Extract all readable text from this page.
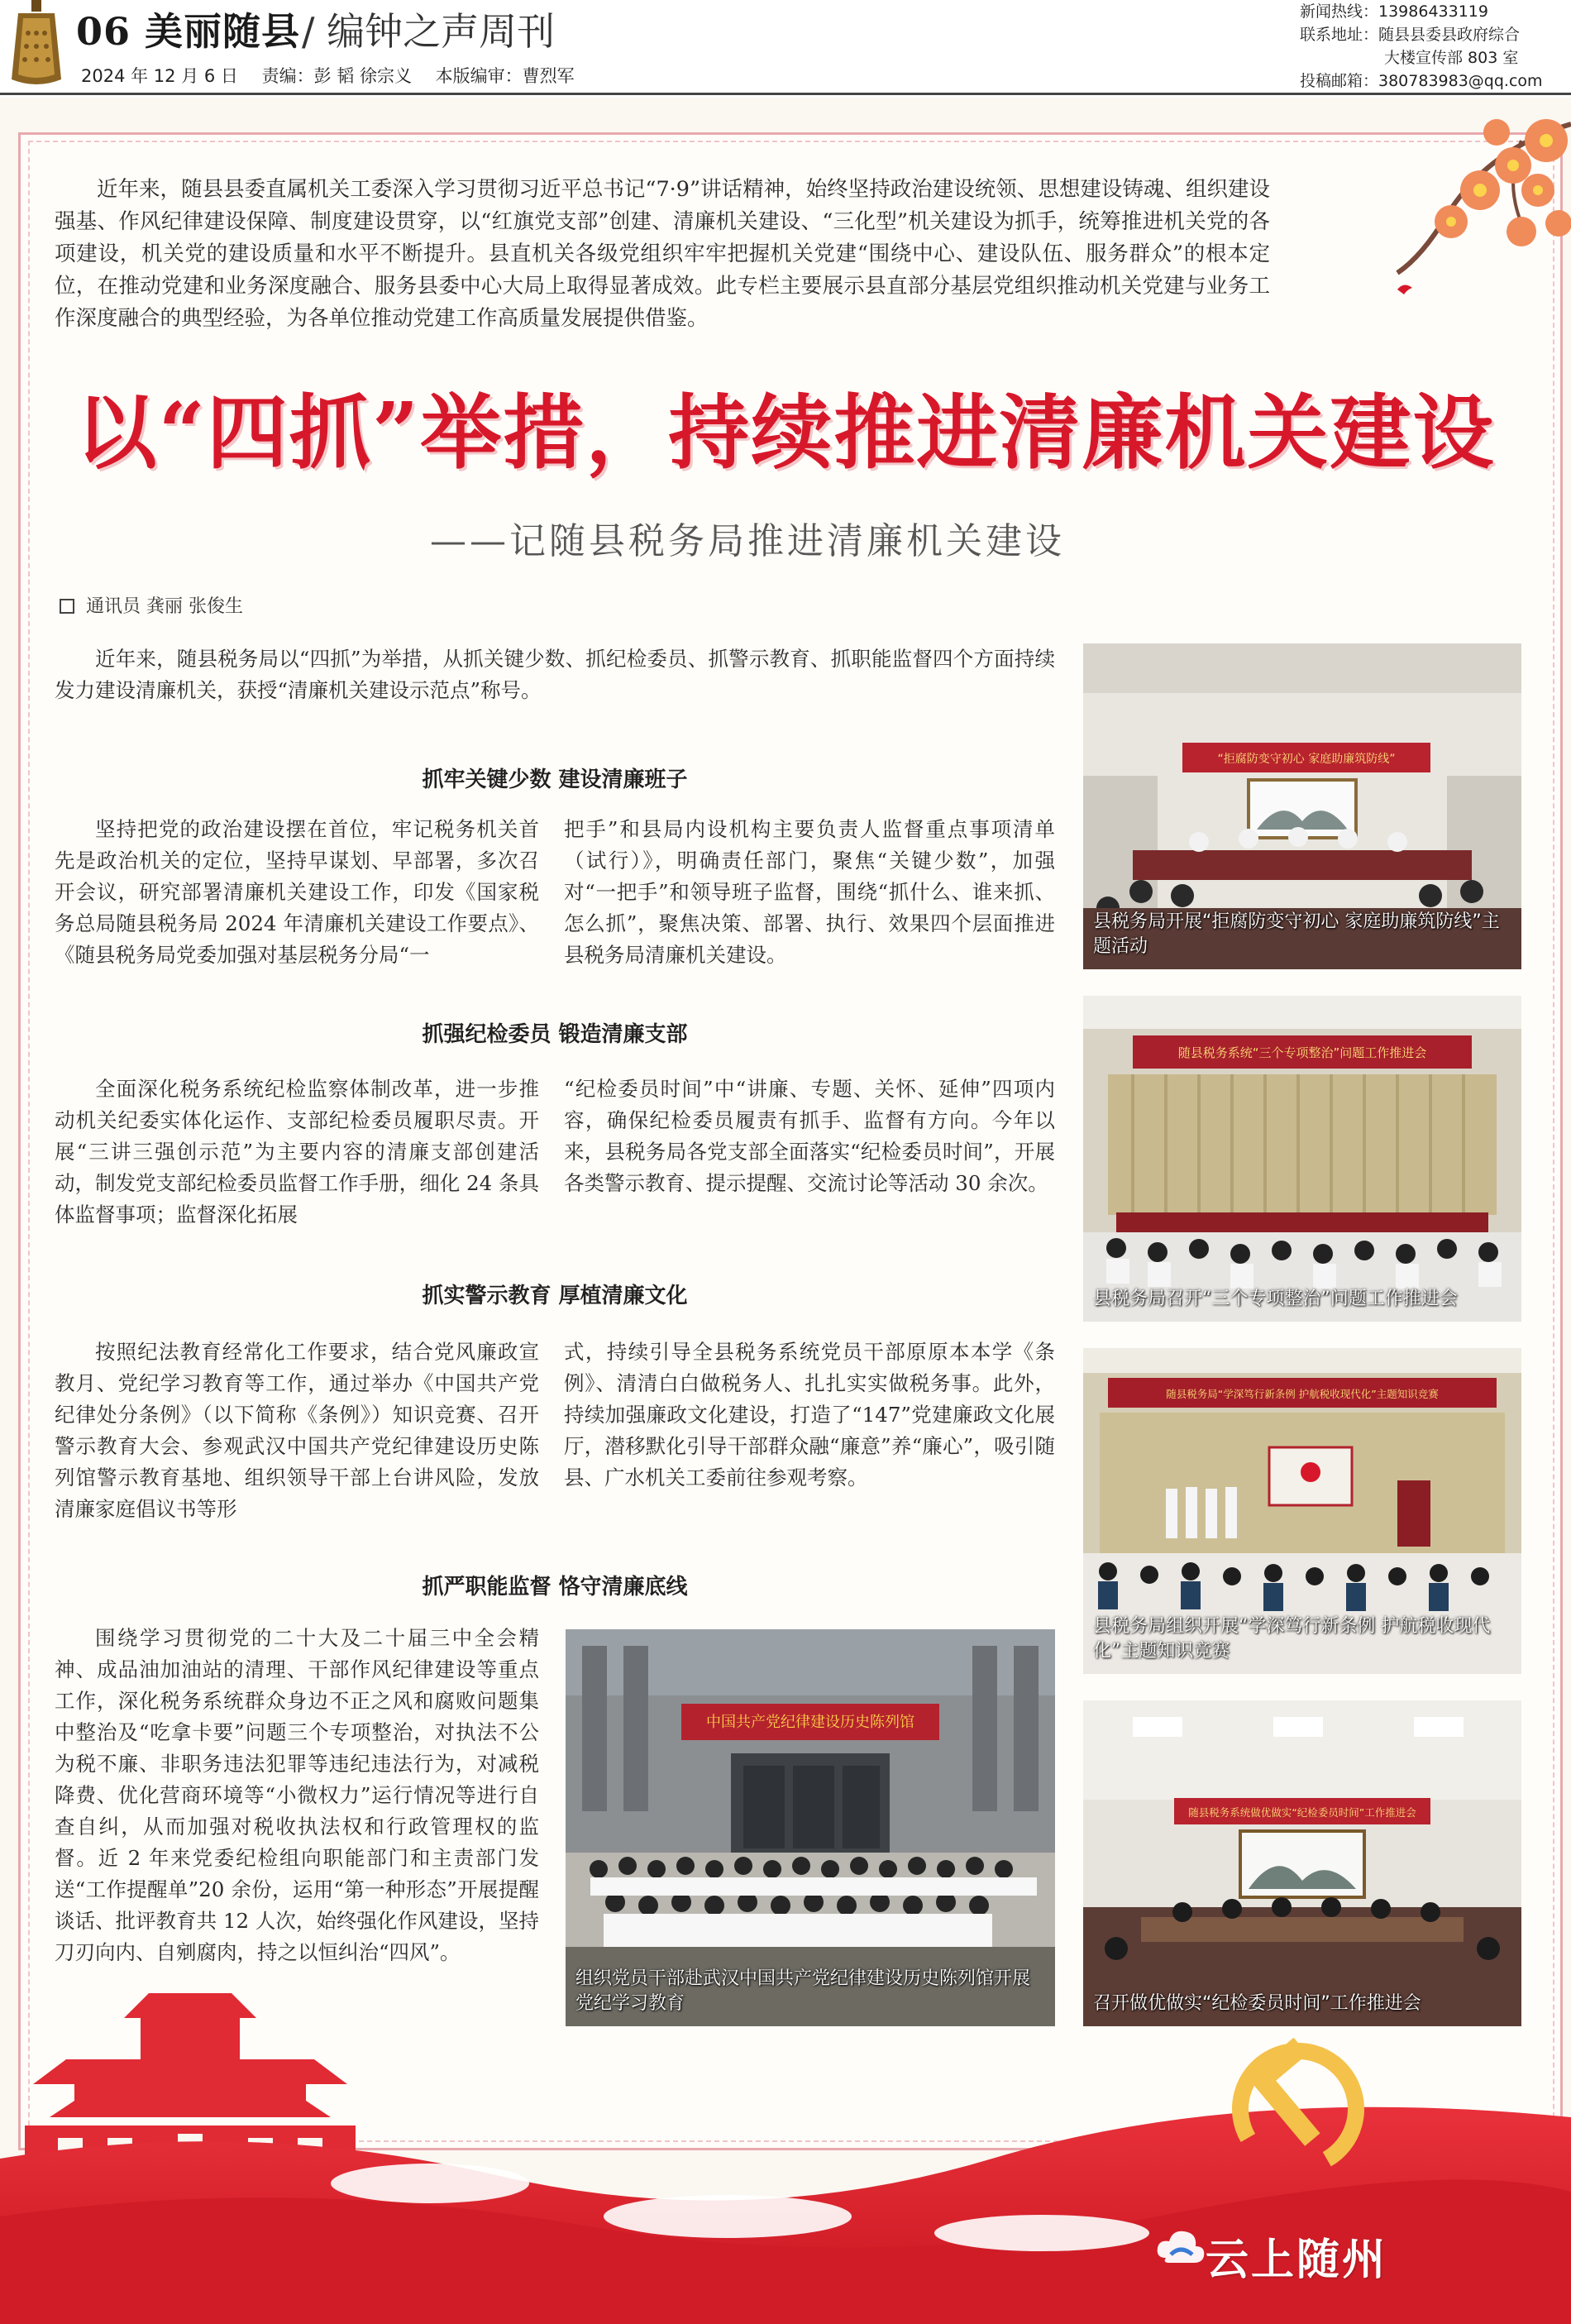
06 美丽随县 / 编钟之声周刊
2024 年 12 月 6 日 责编：彭 韬 徐宗义 本版编审：曹烈军
新闻热线：13986433119
联系地址：随县县委县政府综合
大楼宣传部 803 室
投稿邮箱：380783983@qq.com

近年来，随县县委直属机关工委深入学习贯彻习近平总书记“7·9”讲话精神，始终坚持政治建设统领、思想建设铸魂、组织建设强基、作风纪律建设保障、制度建设贯穿，以“红旗党支部”创建、清廉机关建设、“三化型”机关建设为抓手，统筹推进机关党的各项建设，机关党的建设质量和水平不断提升。县直机关各级党组织牢牢把握机关党建“围绕中心、建设队伍、服务群众”的根本定位，在推动党建和业务深度融合、服务县委中心大局上取得显著成效。此专栏主要展示县直部分基层党组织推动机关党建与业务工作深度融合的典型经验，为各单位推动党建工作高质量发展提供借鉴。

以“四抓”举措，持续推进清廉机关建设
——记随县税务局推进清廉机关建设
通讯员 龚丽 张俊生

近年来，随县税务局以“四抓”为举措，从抓关键少数、抓纪检委员、抓警示教育、抓职能监督四个方面持续发力建设清廉机关，获授“清廉机关建设示范点”称号。

抓牢关键少数 建设清廉班子

坚持把党的政治建设摆在首位，牢记税务机关首先是政治机关的定位，坚持早谋划、早部署，多次召开会议，研究部署清廉机关建设工作，印发《国家税务总局随县税务局 2024 年清廉机关建设工作要点》、《随县税务局党委加强对基层税务分局“一

把手”和县局内设机构主要负责人监督重点事项清单（试行）》，明确责任部门，聚焦“关键少数”，加强对“一把手”和领导班子监督，围绕“抓什么、谁来抓、怎么抓”，聚焦决策、部署、执行、效果四个层面推进县税务局清廉机关建设。

抓强纪检委员 锻造清廉支部

全面深化税务系统纪检监察体制改革，进一步推动机关纪委实体化运作、支部纪检委员履职尽责。开展“三讲三强创示范”为主要内容的清廉支部创建活动，制发党支部纪检委员监督工作手册，细化 24 条具体监督事项；监督深化拓展

“纪检委员时间”中“讲廉、专题、关怀、延伸”四项内容，确保纪检委员履责有抓手、监督有方向。今年以来，县税务局各党支部全面落实“纪检委员时间”，开展各类警示教育、提示提醒、交流讨论等活动 30 余次。

抓实警示教育 厚植清廉文化

按照纪法教育经常化工作要求，结合党风廉政宣教月、党纪学习教育等工作，通过举办《中国共产党纪律处分条例》（以下简称《条例》）知识竞赛、召开警示教育大会、参观武汉中国共产党纪律建设历史陈列馆警示教育基地、组织领导干部上台讲风险，发放清廉家庭倡议书等形

式，持续引导全县税务系统党员干部原原本本学《条例》、清清白白做税务人、扎扎实实做税务事。此外，持续加强廉政文化建设，打造了“147”党建廉政文化展厅，潜移默化引导干部群众融“廉意”养“廉心”，吸引随县、广水机关工委前往参观考察。

抓严职能监督 恪守清廉底线

围绕学习贯彻党的二十大及二十届三中全会精神、成品油加油站的清理、干部作风纪律建设等重点工作，深化税务系统群众身边不正之风和腐败问题集中整治及“吃拿卡要”问题三个专项整治，对执法不公为税不廉、非职务违法犯罪等违纪违法行为，对减税降费、优化营商环境等“小微权力”运行情况等进行自查自纠，从而加强对税收执法权和行政管理权的监督。近 2 年来党委纪检组向职能部门和主责部门发送“工作提醒单”20 余份，运用“第一种形态”开展提醒谈话、批评教育共 12 人次，始终强化作风建设，坚持刀刃向内、自剜腐肉，持之以恒纠治“四风”。

“拒腐防变守初心 家庭助廉筑防线”
县税务局开展“拒腐防变守初心 家庭助廉筑防线”主题活动
随县税务系统“三个专项整治”问题工作推进会
县税务局召开“三个专项整治”问题工作推进会
随县税务局“学深笃行新条例 护航税收现代化”主题知识竞赛
县税务局组织开展“学深笃行新条例 护航税收现代化”主题知识竞赛
随县税务系统做优做实“纪检委员时间”工作推进会
召开做优做实“纪检委员时间”工作推进会
中国共产党纪律建设历史陈列馆
组织党员干部赴武汉中国共产党纪律建设历史陈列馆开展党纪学习教育
云上随州
